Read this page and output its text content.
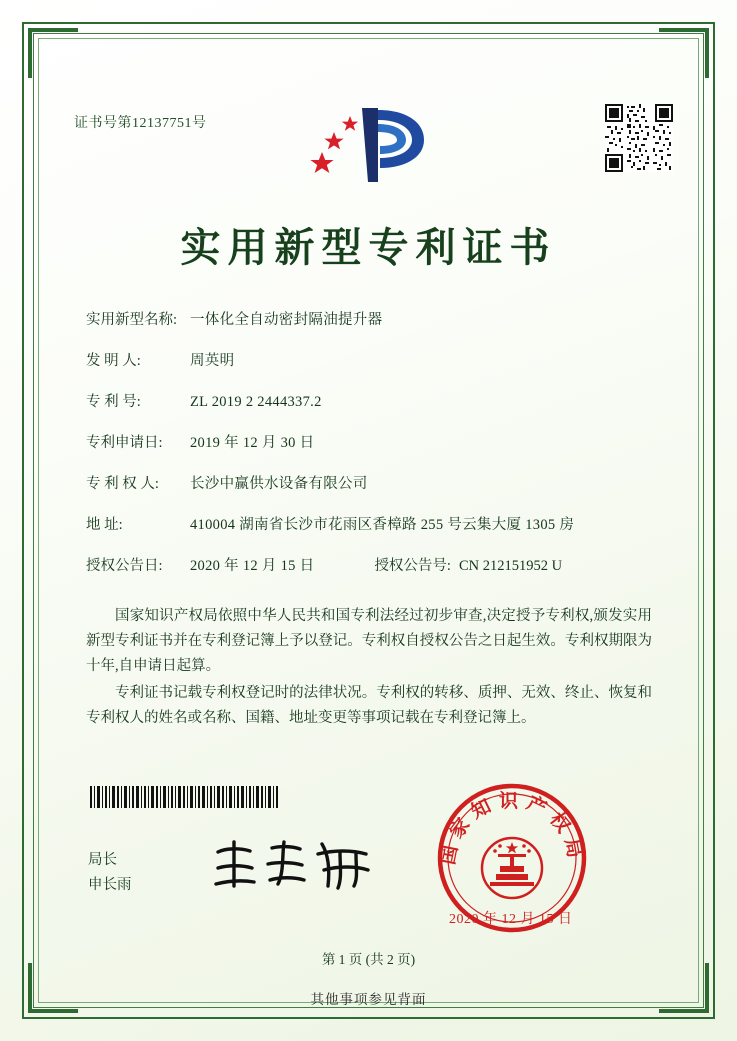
证书号第12137751号
实用新型专利证书
实用新型名称: 一体化全自动密封隔油提升器
发 明 人:	周英明
专 利 号:	ZL 2019 2 2444337.2
专利申请日:	2019 年 12 月 30 日
专 利 权 人:	长沙中赢供水设备有限公司
地 址:	410004 湖南省长沙市花雨区香樟路 255 号云集大厦 1305 房
授权公告日:	2020 年 12 月 15 日	授权公告号: CN 212151952 U

国家知识产权局依照中华人民共和国专利法经过初步审查,决定授予专利权,颁发实用新型专利证书并在专利登记簿上予以登记。专利权自授权公告之日起生效。专利权期限为十年,自申请日起算。

专利证书记载专利权登记时的法律状况。专利权的转移、质押、无效、终止、恢复和专利权人的姓名或名称、国籍、地址变更等事项记载在专利登记簿上。

国家知识产权局
2020 年 12 月 15 日
局长
申长雨
第 1 页 (共 2 页)
其他事项参见背面
